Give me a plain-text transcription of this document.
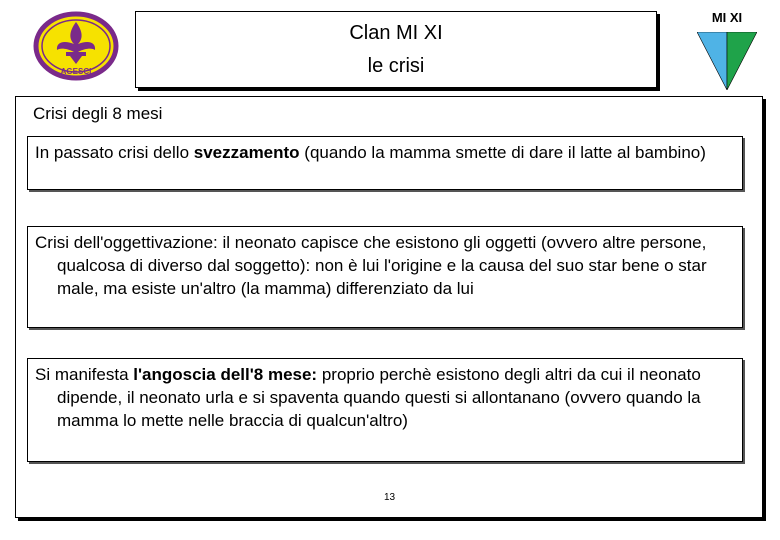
AGESCI
Clan MI XI
le crisi
MI XI
Crisi degli 8 mesi

In passato crisi dello svezzamento (quando la mamma smette di dare il latte al bambino)

Crisi dell'oggettivazione: il neonato capisce che esistono gli oggetti (ovvero altre persone, qualcosa di diverso dal soggetto): non è lui l'origine e la causa del suo star bene o star male, ma esiste un'altro (la mamma) differenziato da lui

Si manifesta l'angoscia dell'8 mese: proprio perchè esistono degli altri da cui il neonato dipende, il neonato urla e si spaventa quando questi si allontanano (ovvero quando la mamma lo mette nelle braccia di qualcun'altro)

13
